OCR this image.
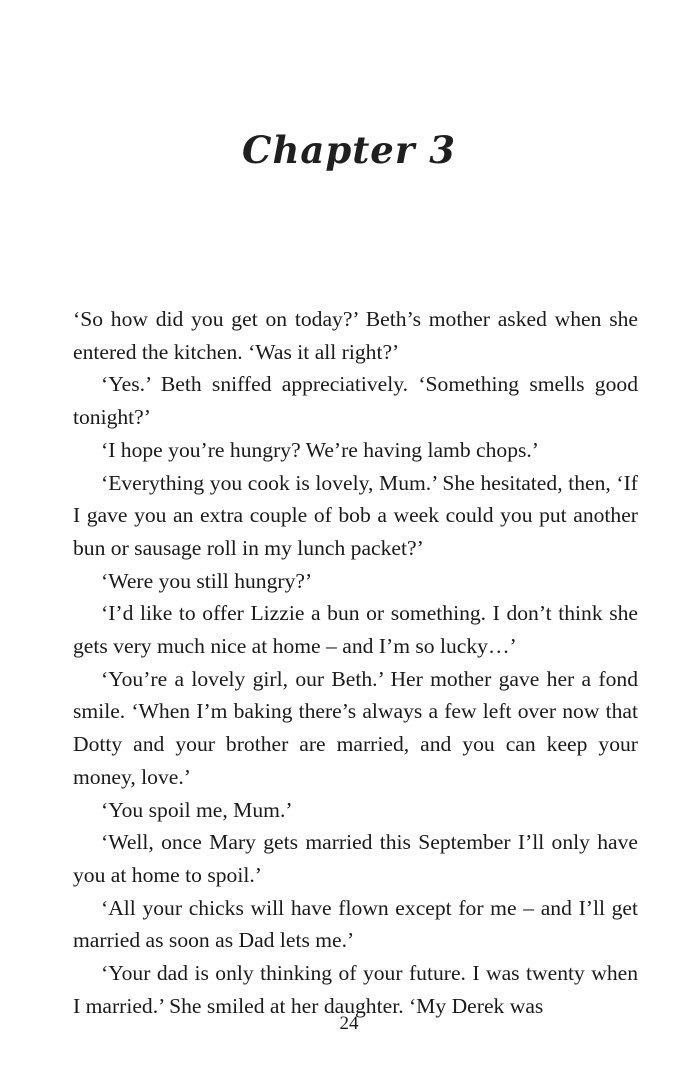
Chapter 3

‘So how did you get on today?’ Beth’s mother asked when she entered the kitchen. ‘Was it all right?’

‘Yes.’ Beth sniffed appreciatively. ‘Something smells good tonight?’

‘I hope you’re hungry? We’re having lamb chops.’

‘Everything you cook is lovely, Mum.’ She hesitated, then, ‘If I gave you an extra couple of bob a week could you put another bun or sausage roll in my lunch packet?’

‘Were you still hungry?’

‘I’d like to offer Lizzie a bun or something. I don’t think she gets very much nice at home – and I’m so lucky…’

‘You’re a lovely girl, our Beth.’ Her mother gave her a fond smile. ‘When I’m baking there’s always a few left over now that Dotty and your brother are married, and you can keep your money, love.’

‘You spoil me, Mum.’

‘Well, once Mary gets married this September I’ll only have you at home to spoil.’

‘All your chicks will have flown except for me – and I’ll get married as soon as Dad lets me.’

‘Your dad is only thinking of your future. I was twenty when I married.’ She smiled at her daughter. ‘My Derek was

24
